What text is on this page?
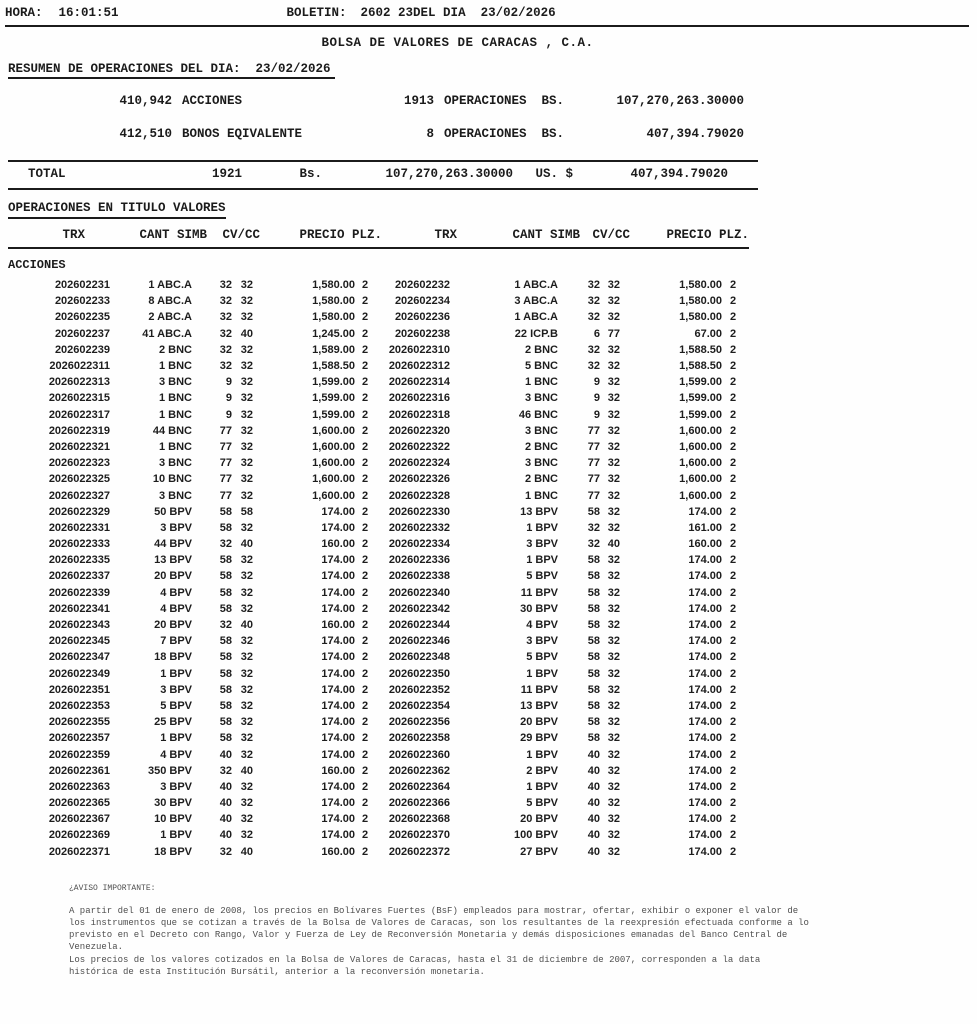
HORA: 16:01:51	BOLETIN: 2602 23DEL DIA  23/02/2026
BOLSA DE VALORES DE CARACAS , C.A.
RESUMEN DE OPERACIONES DEL DIA:  23/02/2026
410,942 ACCIONES	1913 OPERACIONES  BS.	107,270,263.30000
412,510 BONOS EQIVALENTE	8 OPERACIONES  BS.	407,394.79020
TOTAL	1921	Bs.	107,270,263.30000	US. $	407,394.79020
OPERACIONES EN TITULO VALORES
TRX	CANT SIMB	CV/CC	PRECIO PLZ.	TRX	CANT SIMB CV/CC	PRECIO PLZ.
ACCIONES
202602231	1 ABC.A	32 32	1,580.00 2	202602232	1 ABC.A	32 32	1,580.00 2
202602233	8 ABC.A	32 32	1,580.00 2	202602234	3 ABC.A	32 32	1,580.00 2
202602235	2 ABC.A	32 32	1,580.00 2	202602236	1 ABC.A	32 32	1,580.00 2
202602237	41 ABC.A	32 40	1,245.00 2	202602238	22 ICP.B	6 77	67.00 2
202602239	2 BNC	32 32	1,589.00 2	2026022310	2 BNC	32 32	1,588.50 2
2026022311	1 BNC	32 32	1,588.50 2	2026022312	5 BNC	32 32	1,588.50 2
2026022313	3 BNC	9 32	1,599.00 2	2026022314	1 BNC	9 32	1,599.00 2
2026022315	1 BNC	9 32	1,599.00 2	2026022316	3 BNC	9 32	1,599.00 2
2026022317	1 BNC	9 32	1,599.00 2	2026022318	46 BNC	9 32	1,599.00 2
2026022319	44 BNC	77 32	1,600.00 2	2026022320	3 BNC	77 32	1,600.00 2
2026022321	1 BNC	77 32	1,600.00 2	2026022322	2 BNC	77 32	1,600.00 2
2026022323	3 BNC	77 32	1,600.00 2	2026022324	3 BNC	77 32	1,600.00 2
2026022325	10 BNC	77 32	1,600.00 2	2026022326	2 BNC	77 32	1,600.00 2
2026022327	3 BNC	77 32	1,600.00 2	2026022328	1 BNC	77 32	1,600.00 2
2026022329	50 BPV	58 58	174.00 2	2026022330	13 BPV	58 32	174.00 2
2026022331	3 BPV	58 32	174.00 2	2026022332	1 BPV	32 32	161.00 2
2026022333	44 BPV	32 40	160.00 2	2026022334	3 BPV	32 40	160.00 2
2026022335	13 BPV	58 32	174.00 2	2026022336	1 BPV	58 32	174.00 2
2026022337	20 BPV	58 32	174.00 2	2026022338	5 BPV	58 32	174.00 2
2026022339	4 BPV	58 32	174.00 2	2026022340	11 BPV	58 32	174.00 2
2026022341	4 BPV	58 32	174.00 2	2026022342	30 BPV	58 32	174.00 2
2026022343	20 BPV	32 40	160.00 2	2026022344	4 BPV	58 32	174.00 2
2026022345	7 BPV	58 32	174.00 2	2026022346	3 BPV	58 32	174.00 2
2026022347	18 BPV	58 32	174.00 2	2026022348	5 BPV	58 32	174.00 2
2026022349	1 BPV	58 32	174.00 2	2026022350	1 BPV	58 32	174.00 2
2026022351	3 BPV	58 32	174.00 2	2026022352	11 BPV	58 32	174.00 2
2026022353	5 BPV	58 32	174.00 2	2026022354	13 BPV	58 32	174.00 2
2026022355	25 BPV	58 32	174.00 2	2026022356	20 BPV	58 32	174.00 2
2026022357	1 BPV	58 32	174.00 2	2026022358	29 BPV	58 32	174.00 2
2026022359	4 BPV	40 32	174.00 2	2026022360	1 BPV	40 32	174.00 2
2026022361	350 BPV	32 40	160.00 2	2026022362	2 BPV	40 32	174.00 2
2026022363	3 BPV	40 32	174.00 2	2026022364	1 BPV	40 32	174.00 2
2026022365	30 BPV	40 32	174.00 2	2026022366	5 BPV	40 32	174.00 2
2026022367	10 BPV	40 32	174.00 2	2026022368	20 BPV	40 32	174.00 2
2026022369	1 BPV	40 32	174.00 2	2026022370	100 BPV	40 32	174.00 2
2026022371	18 BPV	32 40	160.00 2	2026022372	27 BPV	40 32	174.00 2
¿AVISO IMPORTANTE:
A partir del 01 de enero de 2008, los precios en Bolívares Fuertes (BsF) empleados para mostrar, ofertar, exhibir o exponer el valor de
los instrumentos que se cotizan a través de la Bolsa de Valores de Caracas, son los resultantes de la reexpresión efectuada conforme a lo
previsto en el Decreto con Rango, Valor y Fuerza de Ley de Reconversión Monetaria y demás disposiciones emanadas del Banco Central de
Venezuela.
Los precios de los valores cotizados en la Bolsa de Valores de Caracas, hasta el 31 de diciembre de 2007, corresponden a la data
histórica de esta Institución Bursátil, anterior a la reconversión monetaria.
